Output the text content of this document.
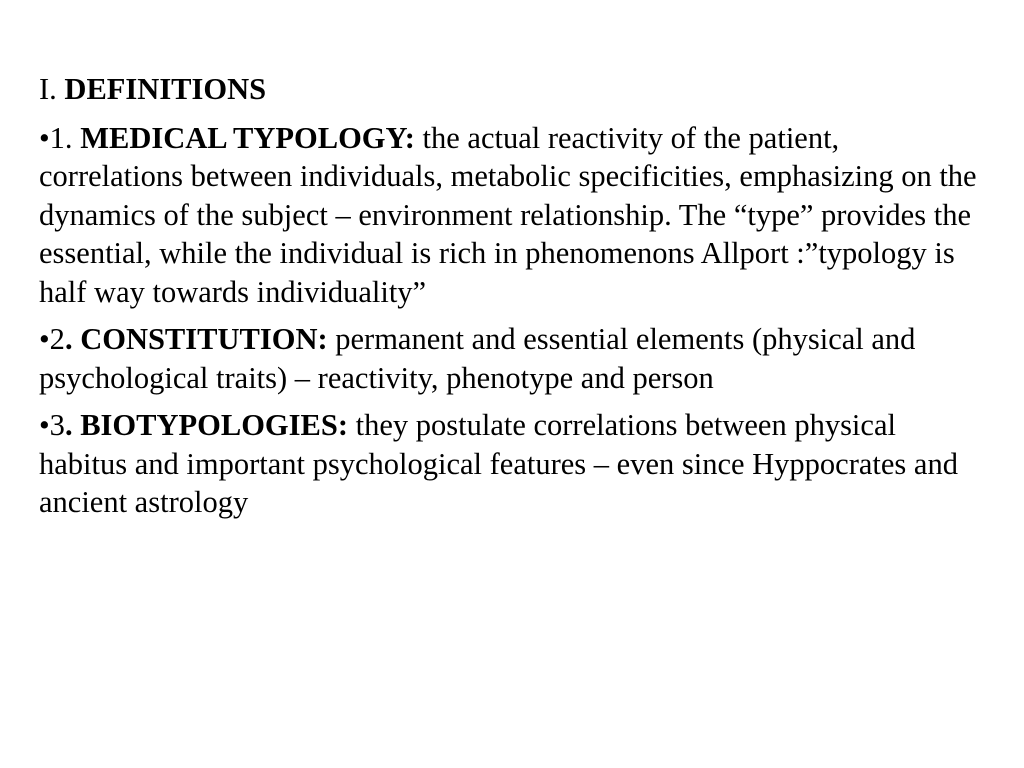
I. DEFINITIONS
•1. MEDICAL TYPOLOGY: the actual reactivity of the patient, correlations between individuals, metabolic specificities, emphasizing on the dynamics of the subject – environment relationship. The “type” provides the essential, while the individual is rich in phenomenons Allport :”typology is half way towards individuality”
•2. CONSTITUTION: permanent and essential elements (physical and psychological traits) – reactivity, phenotype and person
•3. BIOTYPOLOGIES: they postulate correlations between physical habitus and important psychological features – even since Hyppocrates and ancient astrology
